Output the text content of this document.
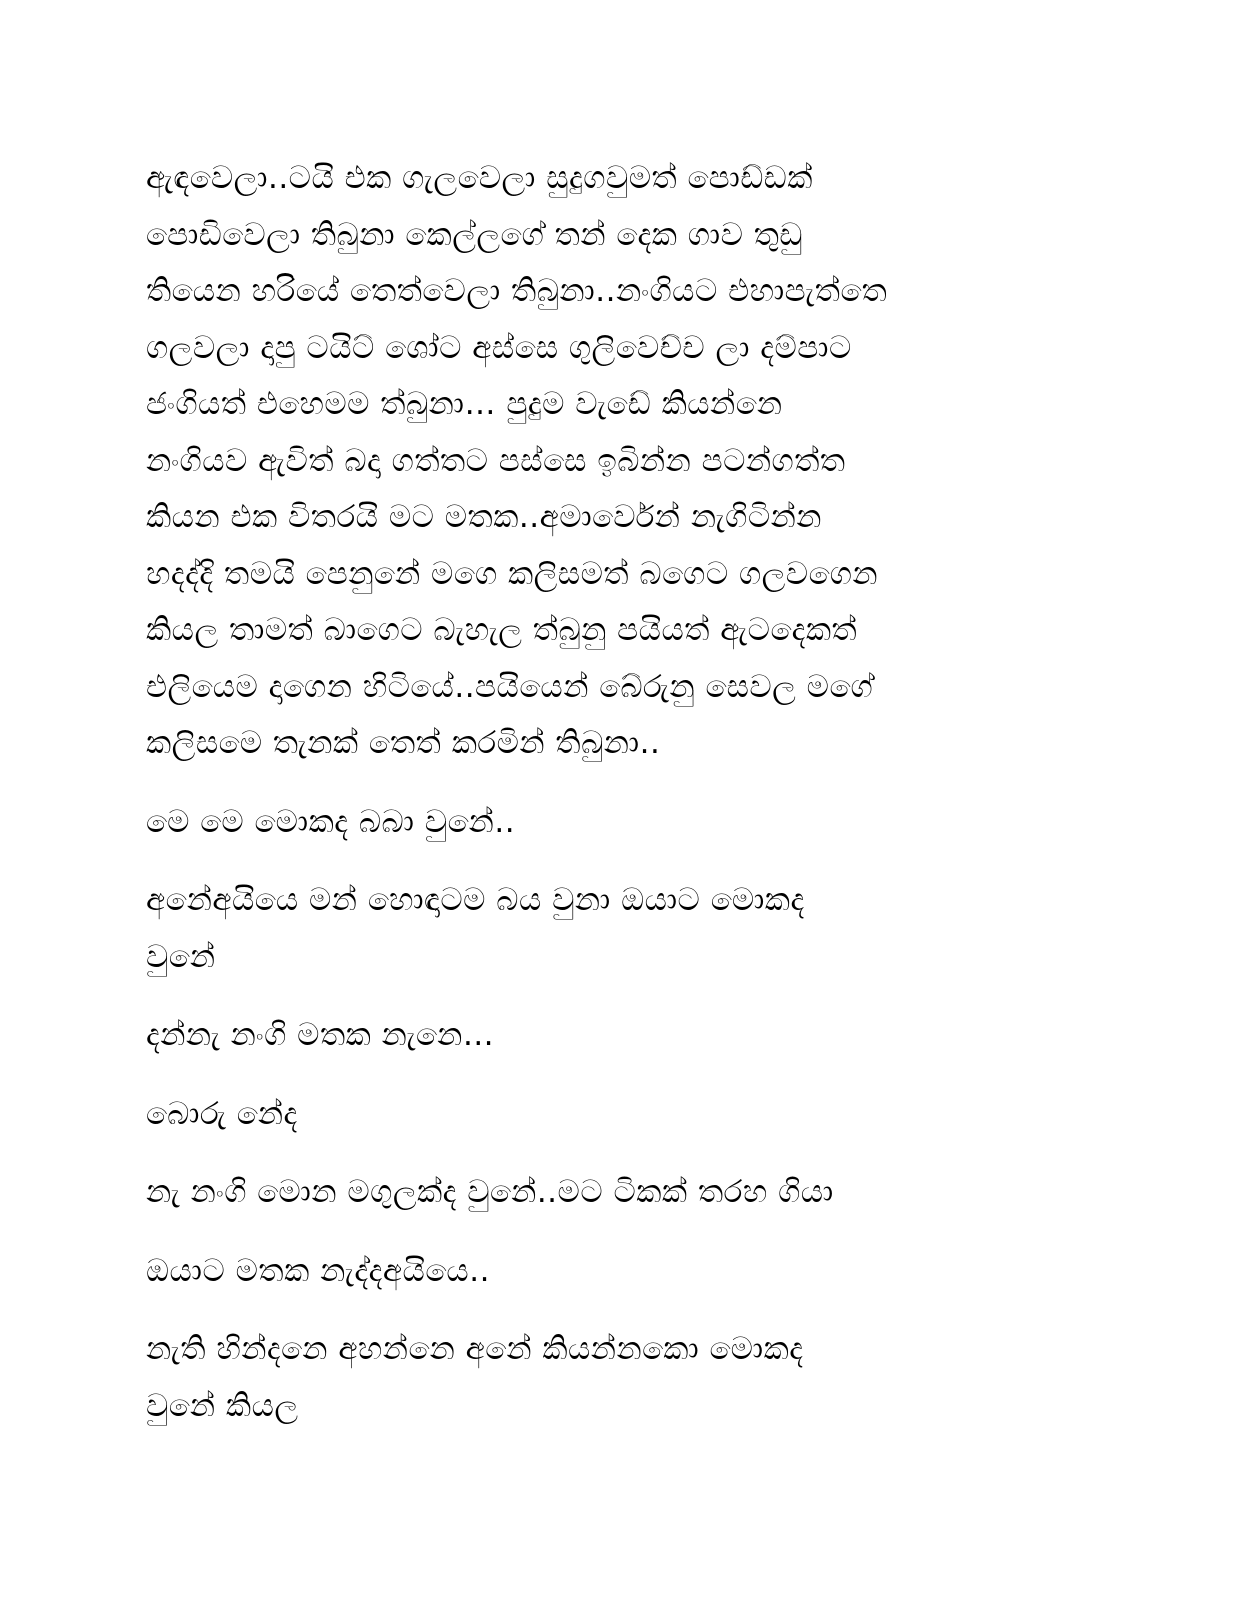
ඇඳවෙලා..ටයි එක ගැලවෙලා සුදුගවුමත් පොඩ්ඩක්
පොඩිවෙලා තිබුනා කෙල්ලගේ තන් දෙක ගාව තුඩු
තියෙන හරියේ තෙත්වෙලා තිබුනා..නංගියට එහාපැත්තෙ
ගලවලා දාපු ටයිට් ශෝට අස්සෙ ගුලිවෙච්ච ලා දම්පාට
ජංගියත් එහෙමම ත්බුනා… පුදුම වැඩේ කියන්නෙ
නංගියව ඇවිත් බදා ගත්තට පස්සෙ ඉබින්න පටන්ගත්ත
කියන එක විතරයි මට මතක..අමාර්වෙන් නැගිටින්න
හදද්දි තමයි පෙනුනේ මගෙ කලිසමත් බගෙට ගලවගෙන
කියල තාමත් බාගෙට බැහැල ත්බුනු පයියත් ඇටදෙකත්
එලියෙම දාගෙන හිටියේ..පයියෙන් බේරුනු සෙවල මගේ
කලිසමෙ තැනක් තෙත් කරමින් තිබුනා..
මෙ මෙ මොකද බබා වුනේ..
අනේඅයියෙ මන් හොඳාටම බය වුනා ඔයාට මොකද
වුනේ
දන්නැ නංගි මතක නැනෙ…
බොරු නේද
නැ නංගි මොන මගුලක්ද වුනේ..මට ටිකක් තරහ ගියා
ඔයාට මතක නැද්දඅයියෙ..
නැති හින්දනෙ අහන්නෙ අනේ කියන්නකො මොකද
වුනේ කියල
